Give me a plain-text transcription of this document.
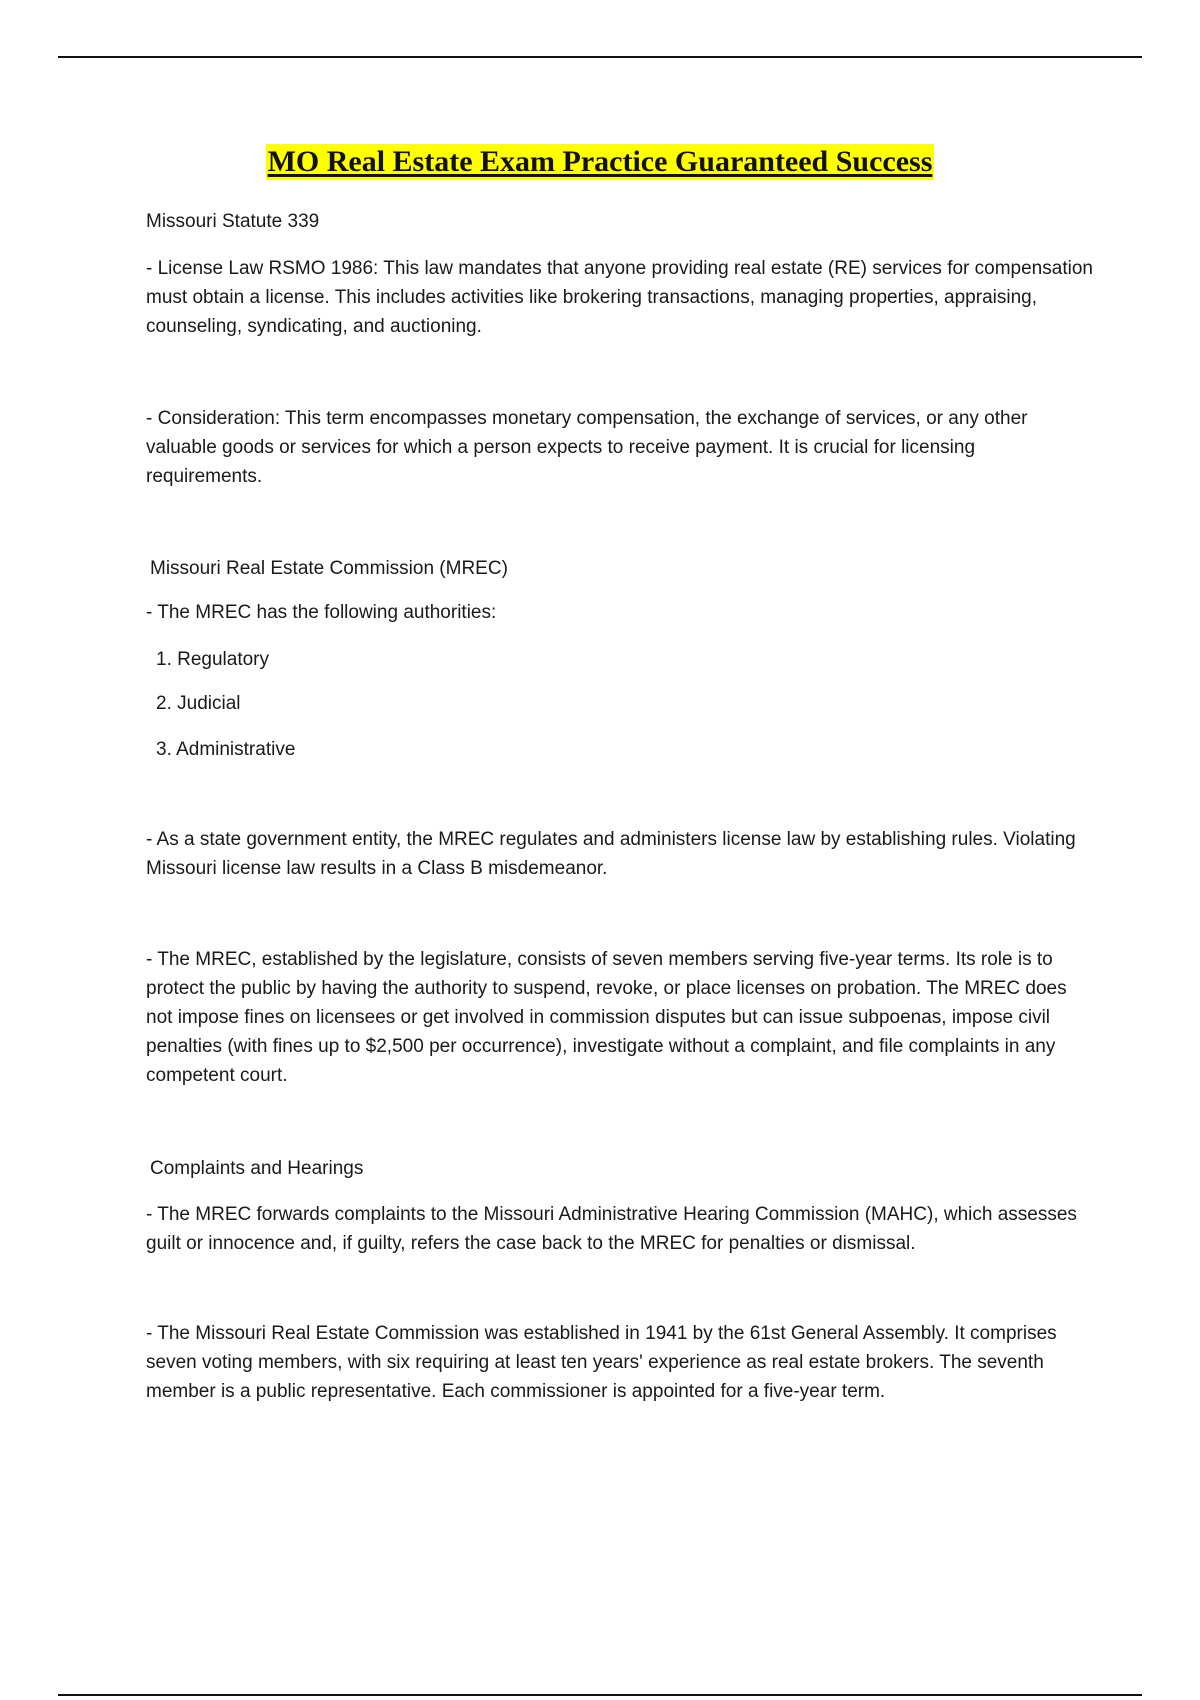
MO Real Estate Exam Practice Guaranteed Success

Missouri Statute 339

- License Law RSMO 1986: This law mandates that anyone providing real estate (RE) services for compensation must obtain a license. This includes activities like brokering transactions, managing properties, appraising, counseling, syndicating, and auctioning.

- Consideration: This term encompasses monetary compensation, the exchange of services, or any other valuable goods or services for which a person expects to receive payment. It is crucial for licensing requirements.

Missouri Real Estate Commission (MREC)

- The MREC has the following authorities:

1. Regulatory

2. Judicial

3. Administrative

- As a state government entity, the MREC regulates and administers license law by establishing rules. Violating Missouri license law results in a Class B misdemeanor.

- The MREC, established by the legislature, consists of seven members serving five-year terms. Its role is to protect the public by having the authority to suspend, revoke, or place licenses on probation. The MREC does not impose fines on licensees or get involved in commission disputes but can issue subpoenas, impose civil penalties (with fines up to $2,500 per occurrence), investigate without a complaint, and file complaints in any competent court.

Complaints and Hearings

- The MREC forwards complaints to the Missouri Administrative Hearing Commission (MAHC), which assesses guilt or innocence and, if guilty, refers the case back to the MREC for penalties or dismissal.

- The Missouri Real Estate Commission was established in 1941 by the 61st General Assembly. It comprises seven voting members, with six requiring at least ten years' experience as real estate brokers. The seventh member is a public representative. Each commissioner is appointed for a five-year term.
